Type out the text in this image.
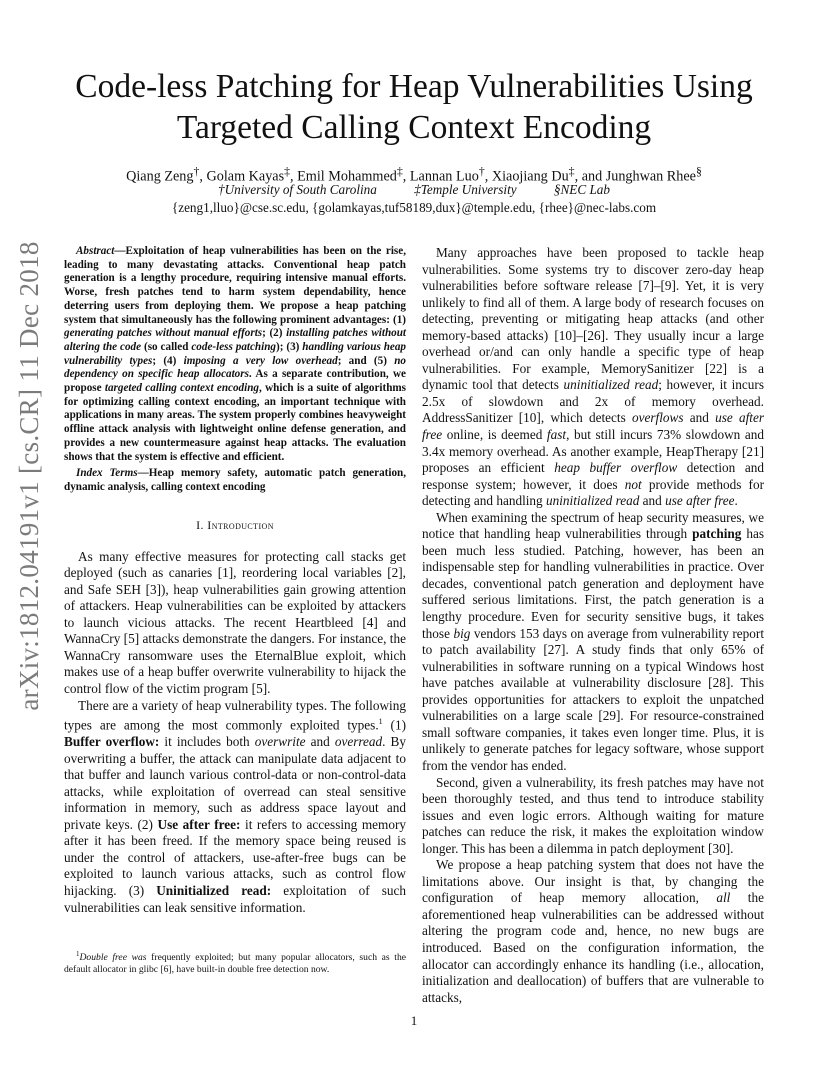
arXiv:1812.04191v1 [cs.CR] 11 Dec 2018
Code-less Patching for Heap Vulnerabilities Using Targeted Calling Context Encoding
Qiang Zeng†, Golam Kayas‡, Emil Mohammed‡, Lannan Luo†, Xiaojiang Du‡, and Junghwan Rhee§
†University of South Carolina	‡Temple University	§NEC Lab
{zeng1,lluo}@cse.sc.edu, {golamkayas,tuf58189,dux}@temple.edu, {rhee}@nec-labs.com

Abstract—Exploitation of heap vulnerabilities has been on the rise, leading to many devastating attacks. Conventional heap patch generation is a lengthy procedure, requiring intensive manual efforts. Worse, fresh patches tend to harm system dependability, hence deterring users from deploying them. We propose a heap patching system that simultaneously has the following prominent advantages: (1) generating patches without manual efforts; (2) installing patches without altering the code (so called code-less patching); (3) handling various heap vulnerability types; (4) imposing a very low overhead; and (5) no dependency on specific heap allocators. As a separate contribution, we propose targeted calling context encoding, which is a suite of algorithms for optimizing calling context encoding, an important technique with applications in many areas. The system properly combines heavyweight offline attack analysis with lightweight online defense generation, and provides a new countermeasure against heap attacks. The evaluation shows that the system is effective and efficient.

Index Terms—Heap memory safety, automatic patch generation, dynamic analysis, calling context encoding

I. Introduction

As many effective measures for protecting call stacks get deployed (such as canaries [1], reordering local variables [2], and Safe SEH [3]), heap vulnerabilities gain growing attention of attackers. Heap vulnerabilities can be exploited by attackers to launch vicious attacks. The recent Heartbleed [4] and WannaCry [5] attacks demonstrate the dangers. For instance, the WannaCry ransomware uses the EternalBlue exploit, which makes use of a heap buffer overwrite vulnerability to hijack the control flow of the victim program [5].

There are a variety of heap vulnerability types. The following types are among the most commonly exploited types.$^1$ (1) Buffer overflow: it includes both overwrite and overread. By overwriting a buffer, the attack can manipulate data adjacent to that buffer and launch various control-data or non-control-data attacks, while exploitation of overread can steal sensitive information in memory, such as address space layout and private keys. (2) Use after free: it refers to accessing memory after it has been freed. If the memory space being reused is under the control of attackers, use-after-free bugs can be exploited to launch various attacks, such as control flow hijacking. (3) Uninitialized read: exploitation of such vulnerabilities can leak sensitive information.

$^1$Double free was frequently exploited; but many popular allocators, such as the default allocator in glibc [6], have built-in double free detection now.

Many approaches have been proposed to tackle heap vulnerabilities. Some systems try to discover zero-day heap vulnerabilities before software release [7]–[9]. Yet, it is very unlikely to find all of them. A large body of research focuses on detecting, preventing or mitigating heap attacks (and other memory-based attacks) [10]–[26]. They usually incur a large overhead or/and can only handle a specific type of heap vulnerabilities. For example, MemorySanitizer [22] is a dynamic tool that detects uninitialized read; however, it incurs 2.5x of slowdown and 2x of memory overhead. AddressSanitizer [10], which detects overflows and use after free online, is deemed fast, but still incurs 73% slowdown and 3.4x memory overhead. As another example, HeapTherapy [21] proposes an efficient heap buffer overflow detection and response system; however, it does not provide methods for detecting and handling uninitialized read and use after free.

When examining the spectrum of heap security measures, we notice that handling heap vulnerabilities through patching has been much less studied. Patching, however, has been an indispensable step for handling vulnerabilities in practice. Over decades, conventional patch generation and deployment have suffered serious limitations. First, the patch generation is a lengthy procedure. Even for security sensitive bugs, it takes those big vendors 153 days on average from vulnerability report to patch availability [27]. A study finds that only 65% of vulnerabilities in software running on a typical Windows host have patches available at vulnerability disclosure [28]. This provides opportunities for attackers to exploit the unpatched vulnerabilities on a large scale [29]. For resource-constrained small software companies, it takes even longer time. Plus, it is unlikely to generate patches for legacy software, whose support from the vendor has ended.

Second, given a vulnerability, its fresh patches may have not been thoroughly tested, and thus tend to introduce stability issues and even logic errors. Although waiting for mature patches can reduce the risk, it makes the exploitation window longer. This has been a dilemma in patch deployment [30].

We propose a heap patching system that does not have the limitations above. Our insight is that, by changing the configuration of heap memory allocation, all the aforementioned heap vulnerabilities can be addressed without altering the program code and, hence, no new bugs are introduced. Based on the configuration information, the allocator can accordingly enhance its handling (i.e., allocation, initialization and deallocation) of buffers that are vulnerable to attacks,

1
